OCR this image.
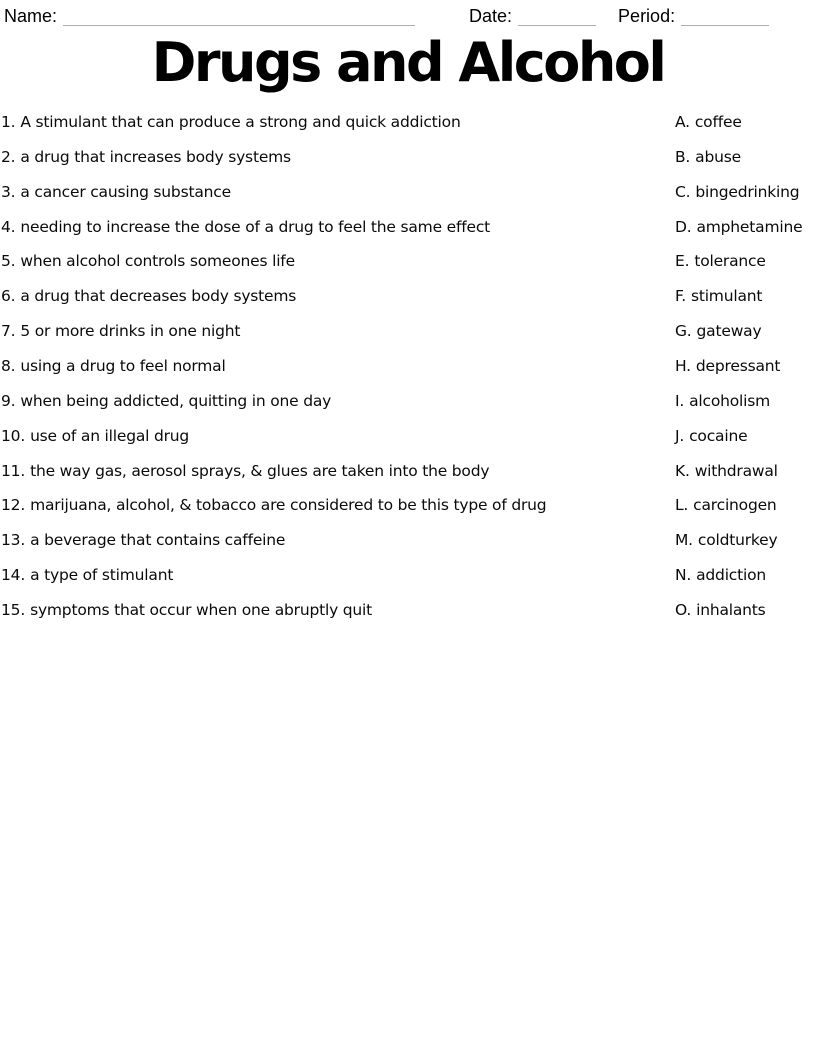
Name:	Date:	Period:
Drugs and Alcohol
1. A stimulant that can produce a strong and quick addiction
2. a drug that increases body systems
3. a cancer causing substance
4. needing to increase the dose of a drug to feel the same effect
5. when alcohol controls someones life
6. a drug that decreases body systems
7. 5 or more drinks in one night
8. using a drug to feel normal
9. when being addicted, quitting in one day
10. use of an illegal drug
11. the way gas, aerosol sprays, & glues are taken into the body
12. marijuana, alcohol, & tobacco are considered to be this type of drug
13. a beverage that contains caffeine
14. a type of stimulant
15. symptoms that occur when one abruptly quit
A. coffee
B. abuse
C. bingedrinking
D. amphetamine
E. tolerance
F. stimulant
G. gateway
H. depressant
I. alcoholism
J. cocaine
K. withdrawal
L. carcinogen
M. coldturkey
N. addiction
O. inhalants
